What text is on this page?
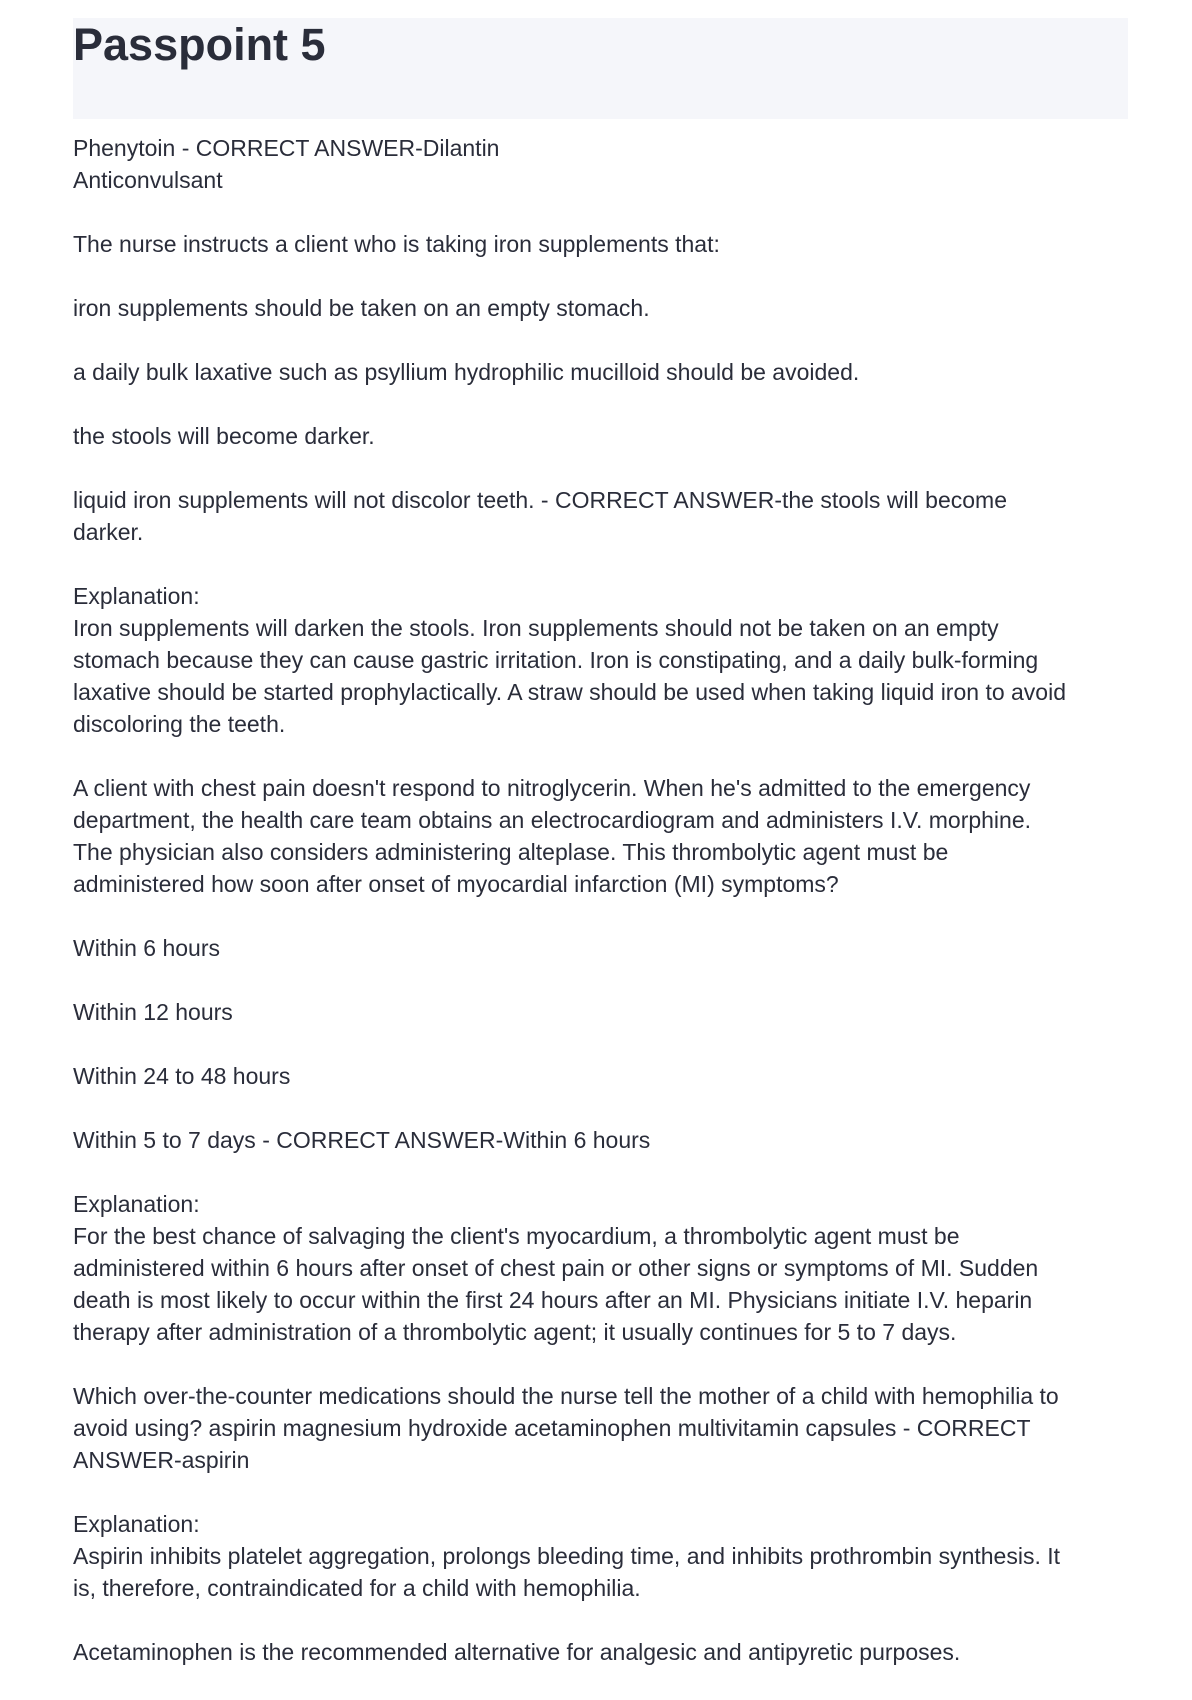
Passpoint 5

Phenytoin - CORRECT ANSWER-Dilantin
Anticonvulsant

The nurse instructs a client who is taking iron supplements that:

iron supplements should be taken on an empty stomach.

a daily bulk laxative such as psyllium hydrophilic mucilloid should be avoided.

the stools will become darker.

liquid iron supplements will not discolor teeth. - CORRECT ANSWER-the stools will become
darker.

Explanation:
Iron supplements will darken the stools. Iron supplements should not be taken on an empty
stomach because they can cause gastric irritation. Iron is constipating, and a daily bulk-forming
laxative should be started prophylactically. A straw should be used when taking liquid iron to avoid
discoloring the teeth.

A client with chest pain doesn't respond to nitroglycerin. When he's admitted to the emergency
department, the health care team obtains an electrocardiogram and administers I.V. morphine.
The physician also considers administering alteplase. This thrombolytic agent must be
administered how soon after onset of myocardial infarction (MI) symptoms?

Within 6 hours

Within 12 hours

Within 24 to 48 hours

Within 5 to 7 days - CORRECT ANSWER-Within 6 hours

Explanation:
For the best chance of salvaging the client's myocardium, a thrombolytic agent must be
administered within 6 hours after onset of chest pain or other signs or symptoms of MI. Sudden
death is most likely to occur within the first 24 hours after an MI. Physicians initiate I.V. heparin
therapy after administration of a thrombolytic agent; it usually continues for 5 to 7 days.

Which over-the-counter medications should the nurse tell the mother of a child with hemophilia to
avoid using? aspirin magnesium hydroxide acetaminophen multivitamin capsules - CORRECT
ANSWER-aspirin

Explanation:
Aspirin inhibits platelet aggregation, prolongs bleeding time, and inhibits prothrombin synthesis. It
is, therefore, contraindicated for a child with hemophilia.

Acetaminophen is the recommended alternative for analgesic and antipyretic purposes.
